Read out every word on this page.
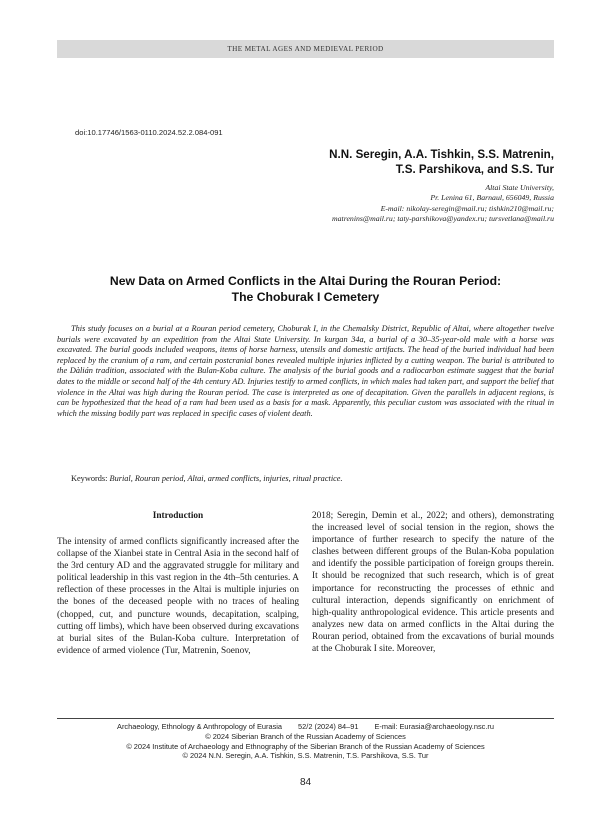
THE METAL AGES AND MEDIEVAL PERIOD
doi:10.17746/1563-0110.2024.52.2.084-091
N.N. Seregin, A.A. Tishkin, S.S. Matrenin,
T.S. Parshikova, and S.S. Tur
Altai State University,
Pr. Lenina 61, Barnaul, 656049, Russia
E-mail: nikolay-seregin@mail.ru; tishkin210@mail.ru;
matrenins@mail.ru; taty-parshikova@yandex.ru; tursvetlana@mail.ru
New Data on Armed Conflicts in the Altai During the Rouran Period:
The Choburak I Cemetery

This study focuses on a burial at a Rouran period cemetery, Choburak I, in the Chemalsky District, Republic of Altai, where altogether twelve burials were excavated by an expedition from the Altai State University. In kurgan 34a, a burial of a 30–35-year-old male with a horse was excavated. The burial goods included weapons, items of horse harness, utensils and domestic artifacts. The head of the buried individual had been replaced by the cranium of a ram, and certain postcranial bones revealed multiple injuries inflicted by a cutting weapon. The burial is attributed to the Dàlián tradition, associated with the Bulan-Koba culture. The analysis of the burial goods and a radiocarbon estimate suggest that the burial dates to the middle or second half of the 4th century AD. Injuries testify to armed conflicts, in which males had taken part, and support the belief that violence in the Altai was high during the Rouran period. The case is interpreted as one of decapitation. Given the parallels in adjacent regions, is can be hypothesized that the head of a ram had been used as a basis for a mask. Apparently, this peculiar custom was associated with the ritual in which the missing bodily part was replaced in specific cases of violent death.

Keywords: Burial, Rouran period, Altai, armed conflicts, injuries, ritual practice.
Introduction

The intensity of armed conflicts significantly increased after the collapse of the Xianbei state in Central Asia in the second half of the 3rd century AD and the aggravated struggle for military and political leadership in this vast region in the 4th–5th centuries. A reflection of these processes in the Altai is multiple injuries on the bones of the deceased people with no traces of healing (chopped, cut, and puncture wounds, decapitation, scalping, cutting off limbs), which have been observed during excavations at burial sites of the Bulan-Koba culture. Interpretation of evidence of armed violence (Tur, Matrenin, Soenov,

2018; Seregin, Demin et al., 2022; and others), demonstrating the increased level of social tension in the region, shows the importance of further research to specify the nature of the clashes between different groups of the Bulan-Koba population and identify the possible participation of foreign groups therein. It should be recognized that such research, which is of great importance for reconstructing the processes of ethnic and cultural interaction, depends significantly on enrichment of high-quality anthropological evidence. This article presents and analyzes new data on armed conflicts in the Altai during the Rouran period, obtained from the excavations of burial mounds at the Choburak I site. Moreover,

Archaeology, Ethnology & Anthropology of Eurasia 52/2 (2024) 84–91 E-mail: Eurasia@archaeology.nsc.ru
© 2024 Siberian Branch of the Russian Academy of Sciences
© 2024 Institute of Archaeology and Ethnography of the Siberian Branch of the Russian Academy of Sciences
© 2024 N.N. Seregin, A.A. Tishkin, S.S. Matrenin, T.S. Parshikova, S.S. Tur
84
